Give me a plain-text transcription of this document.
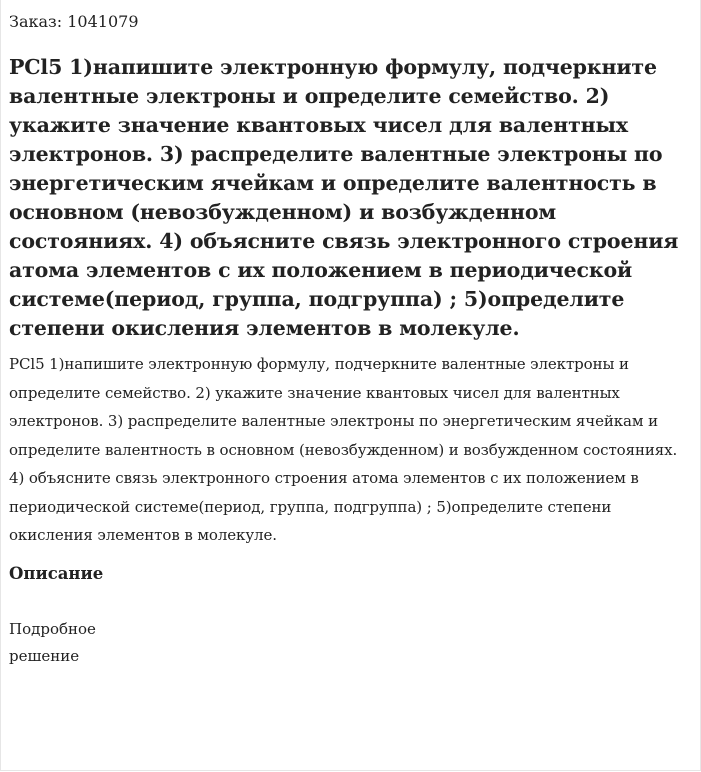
Заказ: 1041079

PCl5 1)напишите электронную формулу, подчеркните валентные электроны и определите семейство. 2) укажите значение квантовых чисел для валентных электронов. 3) распределите валентные электроны по энергетическим ячейкам и определите валентность в основном (невозбужденном) и возбужденном состояниях. 4) объясните связь электронного строения атома элементов с их положением в периодической системе(период, группа, подгруппа) ; 5)определите степени окисления элементов в молекуле.

PCl5 1)напишите электронную формулу, подчеркните валентные электроны и определите семейство. 2) укажите значение квантовых чисел для валентных электронов. 3) распределите валентные электроны по энергетическим ячейкам и определите валентность в основном (невозбужденном) и возбужденном состояниях. 4) объясните связь электронного строения атома элементов с их положением в периодической системе(период, группа, подгруппа) ; 5)определите степени окисления элементов в молекуле.

Описание

Подробное решение
